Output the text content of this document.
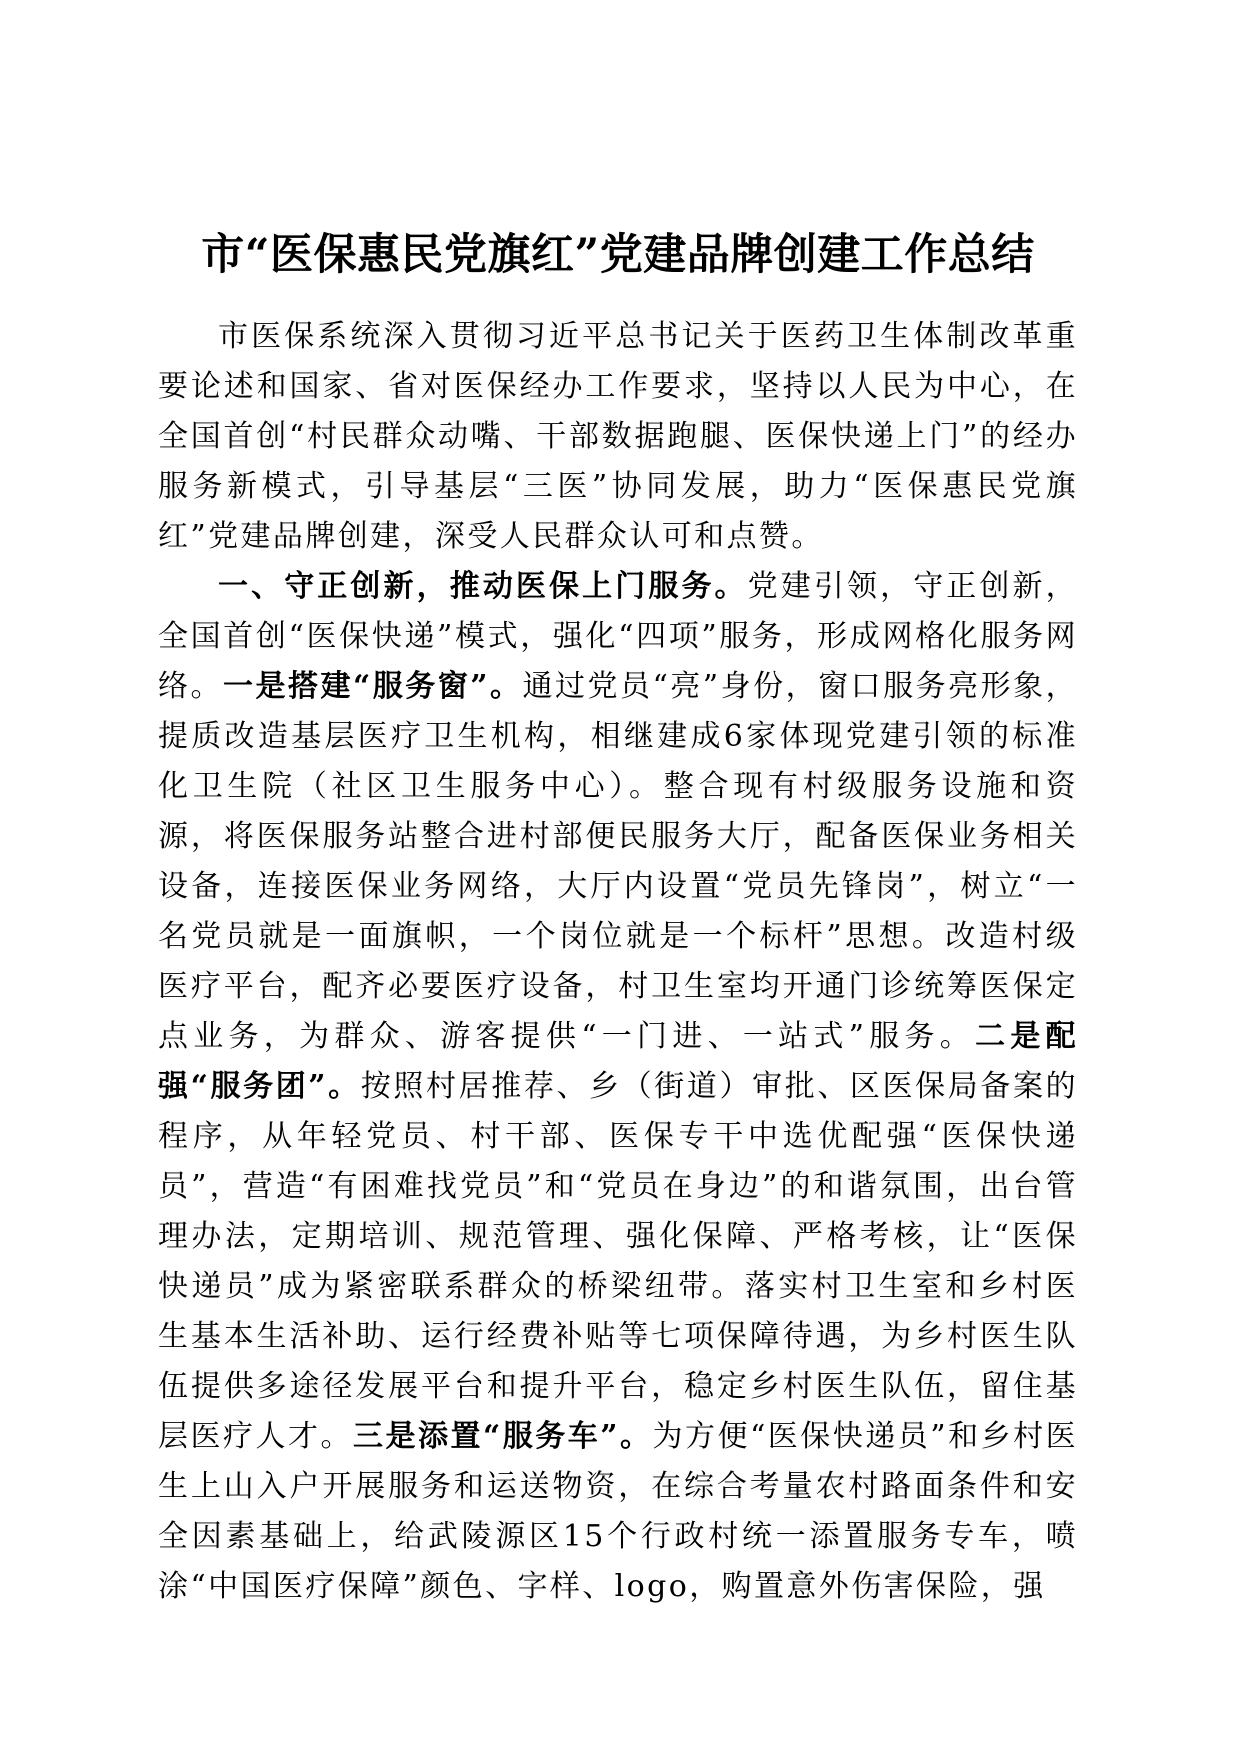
市“医保惠民党旗红”党建品牌创建工作总结

市医保系统深入贯彻习近平总书记关于医药卫生体制改革重要论述和国家、省对医保经办工作要求，坚持以人民为中心，在全国首创“村民群众动嘴、干部数据跑腿、医保快递上门”的经办服务新模式，引导基层“三医”协同发展，助力“医保惠民党旗红”党建品牌创建，深受人民群众认可和点赞。

一、守正创新，推动医保上门服务。党建引领，守正创新，全国首创“医保快递”模式，强化“四项”服务，形成网格化服务网络。一是搭建“服务窗”。通过党员“亮”身份，窗口服务亮形象，提质改造基层医疗卫生机构，相继建成6家体现党建引领的标准化卫生院（社区卫生服务中心）。整合现有村级服务设施和资源，将医保服务站整合进村部便民服务大厅，配备医保业务相关设备，连接医保业务网络，大厅内设置“党员先锋岗”，树立“一名党员就是一面旗帜，一个岗位就是一个标杆”思想。改造村级医疗平台，配齐必要医疗设备，村卫生室均开通门诊统筹医保定点业务，为群众、游客提供“一门进、一站式”服务。二是配强“服务团”。按照村居推荐、乡（街道）审批、区医保局备案的程序，从年轻党员、村干部、医保专干中选优配强“医保快递员”，营造“有困难找党员”和“党员在身边”的和谐氛围，出台管理办法，定期培训、规范管理、强化保障、严格考核，让“医保快递员”成为紧密联系群众的桥梁纽带。落实村卫生室和乡村医生基本生活补助、运行经费补贴等七项保障待遇，为乡村医生队伍提供多途径发展平台和提升平台，稳定乡村医生队伍，留住基层医疗人才。三是添置“服务车”。为方便“医保快递员”和乡村医生上山入户开展服务和运送物资，在综合考量农村路面条件和安全因素基础上，给武陵源区15个行政村统一添置服务专车，喷涂“中国医疗保障”颜色、字样、logo，购置意外伤害保险，强
